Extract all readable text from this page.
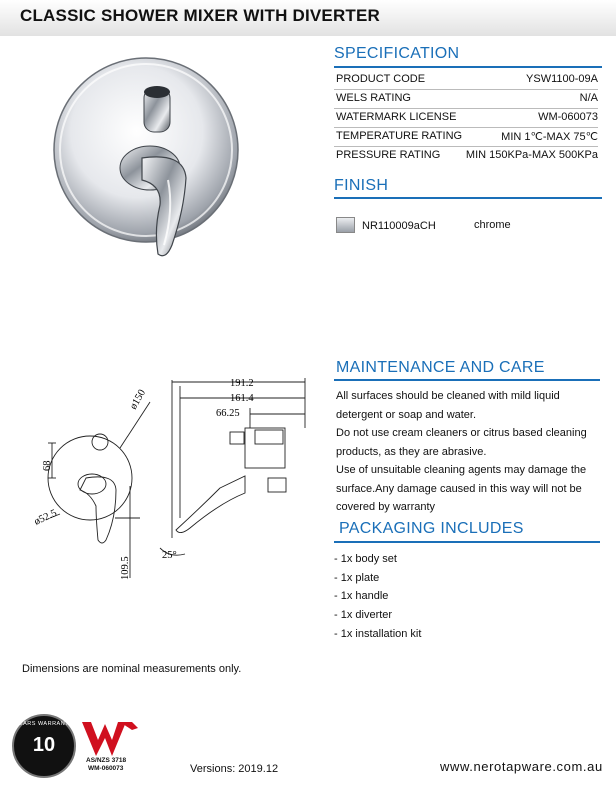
CLASSIC SHOWER MIXER WITH DIVERTER
SPECIFICATION
PRODUCT CODE	YSW1100-09A
WELS RATING	N/A
WATERMARK LICENSE	WM-060073
TEMPERATURE RATING	MIN 1℃-MAX 75℃
PRESSURE RATING MIN 150KPa-MAX 500KPa
FINISH
NR110009aCH	chrome
191.2
161.4
66.25
ø150
68
ø52.5
109.5
25°
MAINTENANCE AND CARE
All surfaces should be cleaned with mild liquid
detergent or soap and water.
Do not use cream cleaners or citrus based cleaning
products, as they are abrasive.
Use of unsuitable cleaning agents may damage the
surface.Any damage caused in this way will not be
covered by warranty
PACKAGING INCLUDES
- 1x body set
- 1x plate
- 1x handle
- 1x diverter
- 1x installation kit
Dimensions are nominal measurements only.
10
YEARS WARRANTY
AS/NZS 3718
WM-060073	Versions: 2019.12	www.nerotapware.com.au
